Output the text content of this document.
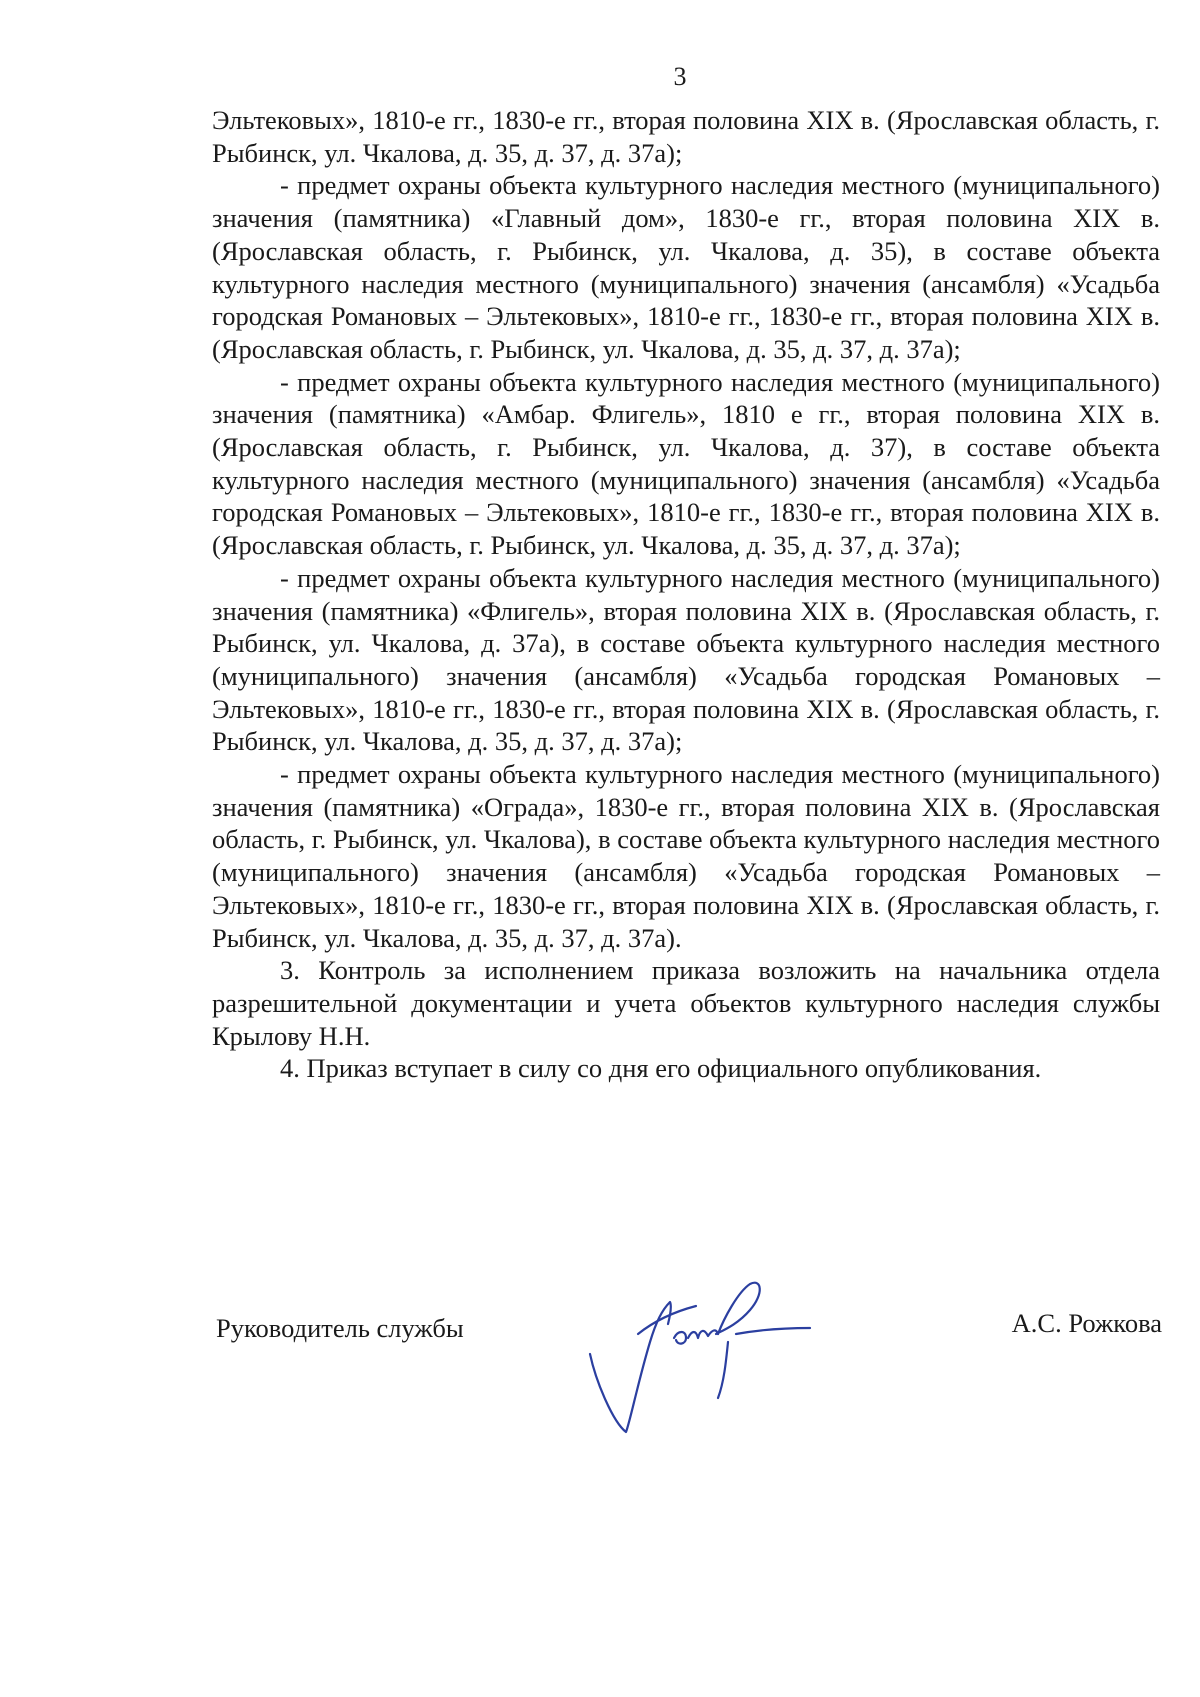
3

Эльтековых», 1810-е гг., 1830-е гг., вторая половина XIX в. (Ярославская область, г. Рыбинск, ул. Чкалова, д. 35, д. 37, д. 37а);

- предмет охраны объекта культурного наследия местного (муниципального) значения (памятника) «Главный дом», 1830-е гг., вторая половина XIX в. (Ярославская область, г. Рыбинск, ул. Чкалова, д. 35), в составе объекта культурного наследия местного (муниципального) значения (ансамбля) «Усадьба городская Романовых – Эльтековых», 1810-е гг., 1830-е гг., вторая половина XIX в. (Ярославская область, г. Рыбинск, ул. Чкалова, д. 35, д. 37, д. 37а);

- предмет охраны объекта культурного наследия местного (муниципального) значения (памятника) «Амбар. Флигель», 1810 е гг., вторая половина XIX в. (Ярославская область, г. Рыбинск, ул. Чкалова, д. 37), в составе объекта культурного наследия местного (муниципального) значения (ансамбля) «Усадьба городская Романовых – Эльтековых», 1810-е гг., 1830-е гг., вторая половина XIX в. (Ярославская область, г. Рыбинск, ул. Чкалова, д. 35, д. 37, д. 37а);

- предмет охраны объекта культурного наследия местного (муниципального) значения (памятника) «Флигель», вторая половина XIX в. (Ярославская область, г. Рыбинск, ул. Чкалова, д. 37а), в составе объекта культурного наследия местного (муниципального) значения (ансамбля) «Усадьба городская Романовых – Эльтековых», 1810-е гг., 1830-е гг., вторая половина XIX в. (Ярославская область, г. Рыбинск, ул. Чкалова, д. 35, д. 37, д. 37а);

- предмет охраны объекта культурного наследия местного (муниципального) значения (памятника) «Ограда», 1830-е гг., вторая половина XIX в. (Ярославская область, г. Рыбинск, ул. Чкалова), в составе объекта культурного наследия местного (муниципального) значения (ансамбля) «Усадьба городская Романовых – Эльтековых», 1810-е гг., 1830-е гг., вторая половина XIX в. (Ярославская область, г. Рыбинск, ул. Чкалова, д. 35, д. 37, д. 37а).

3. Контроль за исполнением приказа возложить на начальника отдела разрешительной документации и учета объектов культурного наследия службы Крылову Н.Н.

4. Приказ вступает в силу со дня его официального опубликования.

Руководитель службы	А.С. Рожкова
